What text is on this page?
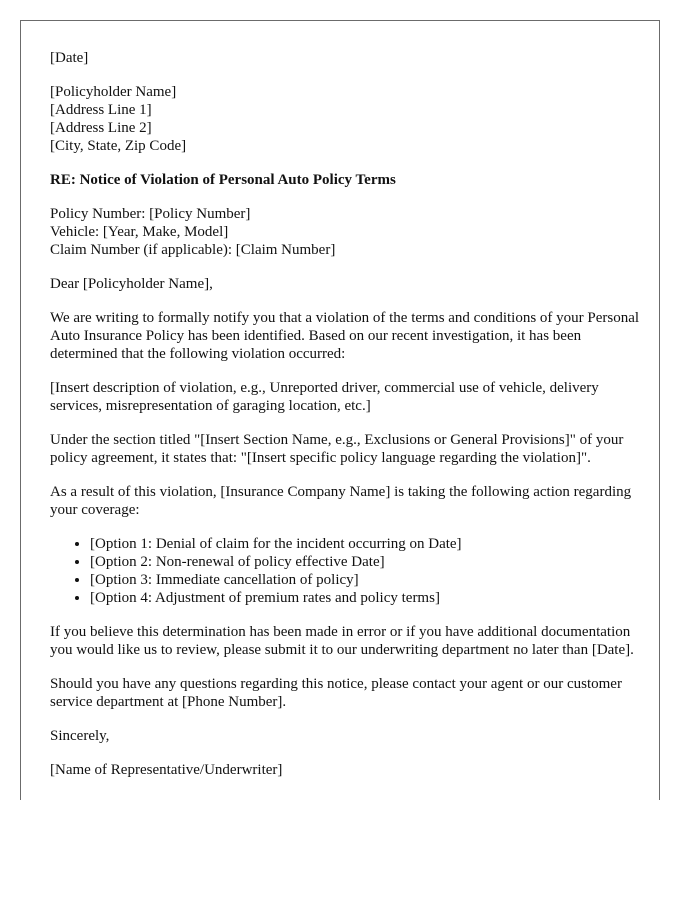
[Date]
[Policyholder Name]
[Address Line 1]
[Address Line 2]
[City, State, Zip Code]
RE: Notice of Violation of Personal Auto Policy Terms
Policy Number: [Policy Number]
Vehicle: [Year, Make, Model]
Claim Number (if applicable): [Claim Number]

Dear [Policyholder Name],

We are writing to formally notify you that a violation of the terms and conditions of your Personal Auto Insurance Policy has been identified. Based on our recent investigation, it has been determined that the following violation occurred:

[Insert description of violation, e.g., Unreported driver, commercial use of vehicle, delivery services, misrepresentation of garaging location, etc.]

Under the section titled "[Insert Section Name, e.g., Exclusions or General Provisions]" of your policy agreement, it states that: "[Insert specific policy language regarding the violation]".

As a result of this violation, [Insurance Company Name] is taking the following action regarding your coverage:

• [Option 1: Denial of claim for the incident occurring on Date]
• [Option 2: Non-renewal of policy effective Date]
• [Option 3: Immediate cancellation of policy]
• [Option 4: Adjustment of premium rates and policy terms]

If you believe this determination has been made in error or if you have additional documentation you would like us to review, please submit it to our underwriting department no later than [Date].

Should you have any questions regarding this notice, please contact your agent or our customer service department at [Phone Number].

Sincerely,

[Name of Representative/Underwriter]
